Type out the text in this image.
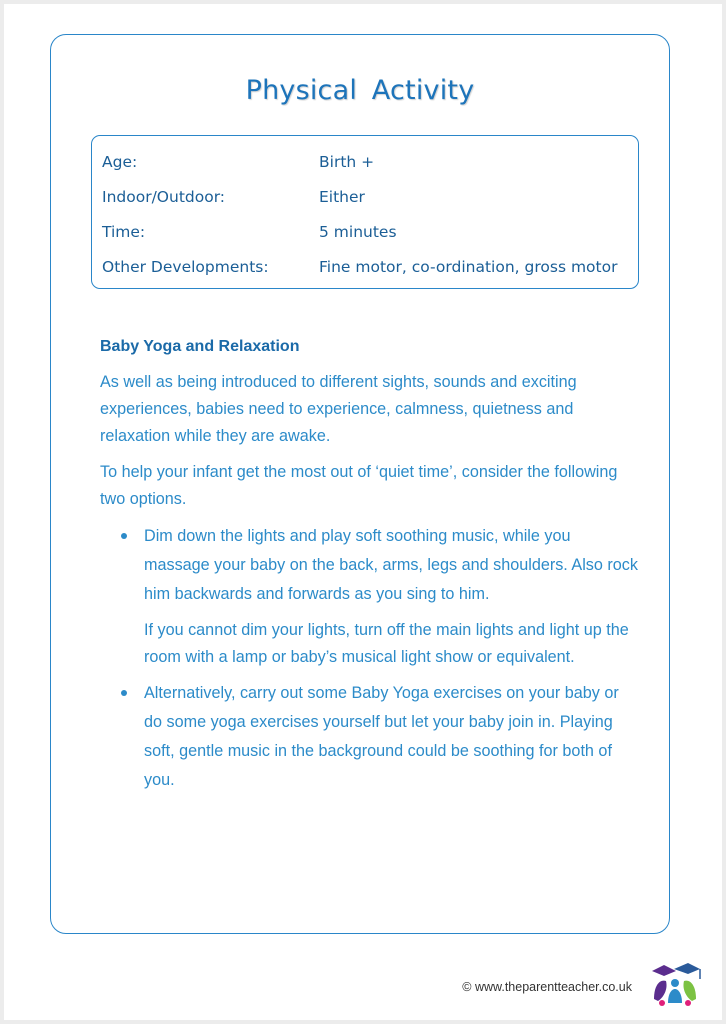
Physical Activity
Age:	Birth +
Indoor/Outdoor:	Either
Time:	5 minutes
Other Developments:	Fine motor, co-ordination, gross motor
Baby Yoga and Relaxation

As well as being introduced to different sights, sounds and exciting experiences, babies need to experience, calmness, quietness and relaxation while they are awake.

To help your infant get the most out of ‘quiet time’, consider the following two options.

Dim down the lights and play soft soothing music, while you massage your baby on the back, arms, legs and shoulders. Also rock him backwards and forwards as you sing to him.

If you cannot dim your lights, turn off the main lights and light up the room with a lamp or baby’s musical light show or equivalent.

Alternatively, carry out some Baby Yoga exercises on your baby or do some yoga exercises yourself but let your baby join in. Playing soft, gentle music in the background could be soothing for both of you.

© www.theparentteacher.co.uk
